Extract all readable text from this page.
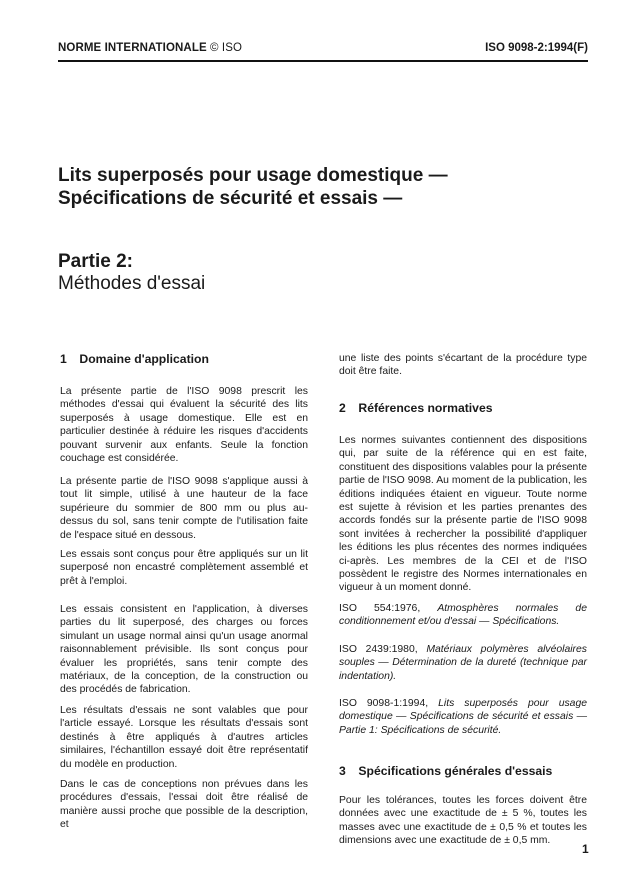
NORME INTERNATIONALE © ISO	ISO 9098-2:1994(F)
Lits superposés pour usage domestique —
Spécifications de sécurité et essais —
Partie 2:
Méthodes d'essai
1 Domaine d'application
La présente partie de l'ISO 9098 prescrit les méthodes d'essai qui évaluent la sécurité des lits superposés à usage domestique. Elle est en particulier destinée à réduire les risques d'accidents pouvant survenir aux enfants. Seule la fonction couchage est considérée.
La présente partie de l'ISO 9098 s'applique aussi à tout lit simple, utilisé à une hauteur de la face supérieure du sommier de 800 mm ou plus au-dessus du sol, sans tenir compte de l'utilisation faite de l'espace situé en dessous.
Les essais sont conçus pour être appliqués sur un lit superposé non encastré complètement assemblé et prêt à l'emploi.
Les essais consistent en l'application, à diverses parties du lit superposé, des charges ou forces simulant un usage normal ainsi qu'un usage anormal raisonnablement prévisible. Ils sont conçus pour évaluer les propriétés, sans tenir compte des matériaux, de la conception, de la construction ou des procédés de fabrication.
Les résultats d'essais ne sont valables que pour l'article essayé. Lorsque les résultats d'essais sont destinés à être appliqués à d'autres articles similaires, l'échantillon essayé doit être représentatif du modèle en production.
Dans le cas de conceptions non prévues dans les procédures d'essais, l'essai doit être réalisé de manière aussi proche que possible de la description, et
une liste des points s'écartant de la procédure type doit être faite.
2 Références normatives
Les normes suivantes contiennent des dispositions qui, par suite de la référence qui en est faite, constituent des dispositions valables pour la présente partie de l'ISO 9098. Au moment de la publication, les éditions indiquées étaient en vigueur. Toute norme est sujette à révision et les parties prenantes des accords fondés sur la présente partie de l'ISO 9098 sont invitées à rechercher la possibilité d'appliquer les éditions les plus récentes des normes indiquées ci-après. Les membres de la CEI et de l'ISO possèdent le registre des Normes internationales en vigueur à un moment donné.
ISO 554:1976, Atmosphères normales de conditionnement et/ou d'essai — Spécifications.
ISO 2439:1980, Matériaux polymères alvéolaires souples — Détermination de la dureté (technique par indentation).
ISO 9098-1:1994, Lits superposés pour usage domestique — Spécifications de sécurité et essais — Partie 1: Spécifications de sécurité.
3 Spécifications générales d'essais
Pour les tolérances, toutes les forces doivent être données avec une exactitude de ± 5 %, toutes les masses avec une exactitude de ± 0,5 % et toutes les dimensions avec une exactitude de ± 0,5 mm.
1
